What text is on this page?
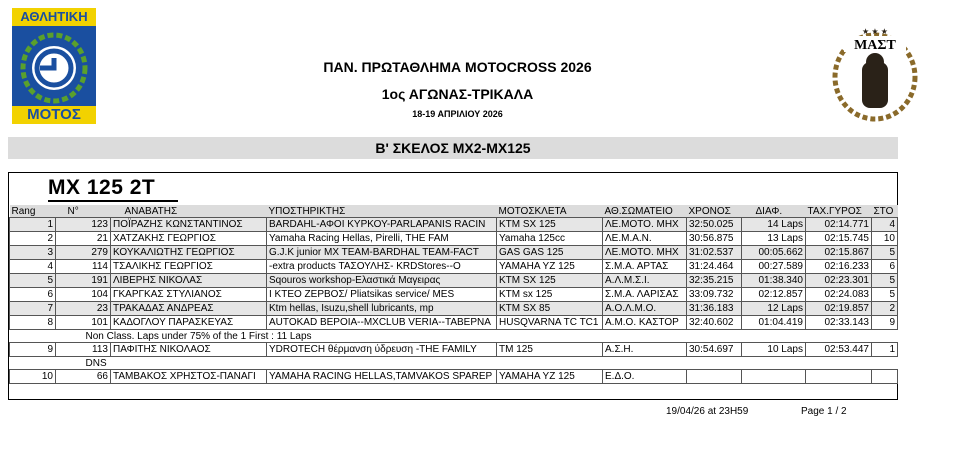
ΑΘΛΗΤΙΚΗ
ΜΟΤΟΣ
ΜΑΣΤ
★ ★ ★
ΠΑΝ. ΠΡΩΤΑΘΛΗΜΑ MOTOCROSS 2026
1ος ΑΓΩΝΑΣ-ΤΡΙΚΑΛΑ
18-19 ΑΠΡΙΛΙΟΥ 2026
Β' ΣΚΕΛΟΣ MX2-MX125
MX 125 2T
Rang	N°	ΑΝΑΒΑΤΗΣ	ΥΠΟΣΤΗΡΙΚΤΗΣ	ΜΟΤΟΣΚΛΕΤΑ	ΑΘ.ΣΩΜΑΤΕΙΟ	ΧΡΟΝΟΣ	ΔΙΑΦ.	ΤΑΧ.ΓΥΡΟΣ	ΣΤΟ
1	123	ΠΟΪΡΑΖΗΣ ΚΩΝΣΤΑΝΤΙΝΟΣ	BARDAHL-ΑΦΟΙ ΚΥΡΚΟΥ-PARLAPANIS RACIN	KTM SX 125	ΛΕ.ΜΟΤΟ. ΜΗΧ	32:50.025	14 Laps	02:14.771	4
2	21	ΧΑΤΖΑΚΗΣ ΓΕΩΡΓΙΟΣ	Yamaha Racing Hellas, Pirelli, THE FAM	Yamaha 125cc	ΛΕ.Μ.Α.Ν.	30:56.875	13 Laps	02:15.745	10
3	279	ΚΟΥΚΑΛΙΩΤΗΣ ΓΕΩΡΓΙΟΣ	G.J.K junior MX TEAM-BARDHAL TEAM-FACT	GAS GAS 125	ΛΕ.ΜΟΤΟ. ΜΗΧ	31:02.537	00:05.662	02:15.867	5
4	114	ΤΣΑΛΙΚΗΣ ΓΕΩΡΓΙΟΣ	-extra products ΤΑΣΟΥΛΗΣ- KRDStores--O	YAMAHA YZ 125	Σ.Μ.Α. ΑΡΤΑΣ	31:24.464	00:27.589	02:16.233	6
5	191	ΛΙΒΕΡΗΣ ΝΙΚΟΛΑΣ	Sqouros workshop-Ελαστικά Μαγειρας	KTM SX 125	Α.Λ.Μ.Σ.Ι.	32:35.215	01:38.340	02:23.301	5
6	104	ΓΚΑΡΓΚΑΣ ΣΤΥΛΙΑΝΟΣ	Ι ΚΤΕΟ ΖΕΡΒΟΣ/ Pliatsikas service/ MES	KTM sx 125	Σ.Μ.Α. ΛΑΡΙΣΑΣ	33:09.732	02:12.857	02:24.083	5
7	23	ΤΡΑΚΑΔΑΣ ΑΝΔΡΕΑΣ	Ktm hellas, Isuzu,shell lubricants, mp	KTM SX 85	Α.Ο.Λ.Μ.Ο.	31:36.183	12 Laps	02:19.857	2
8	101	ΚΑΔΟΓΛΟΥ ΠΑΡΑΣΚΕΥΑΣ	AUTOKAD ΒΕΡΟΙΑ--MXCLUB VERIA--TABEPNA	HUSQVARNA TC TC1	Α.Μ.Ο. ΚΑΣΤΟΡ	32:40.602	01:04.419	02:33.143	9
	Non Class. Laps under 75% of the 1 First : 11 Laps								
9	113	ΠΑΦΙΤΗΣ ΝΙΚΟΛΑΟΣ	YDROTECH θέρμανση ύδρευση -THE FAMILY	TM 125	Α.Σ.Η.	30:54.697	10 Laps	02:53.447	1
	DNS								
10	66	ΤΑΜΒΑΚΟΣ ΧΡΗΣΤΟΣ-ΠΑΝΑΓΙ	YAMAHA RACING HELLAS,TAMVAKOS SPAREP	YAMAHA YZ 125	Ε.Δ.Ο.				
19/04/26 at 23H59	Page 1 / 2
